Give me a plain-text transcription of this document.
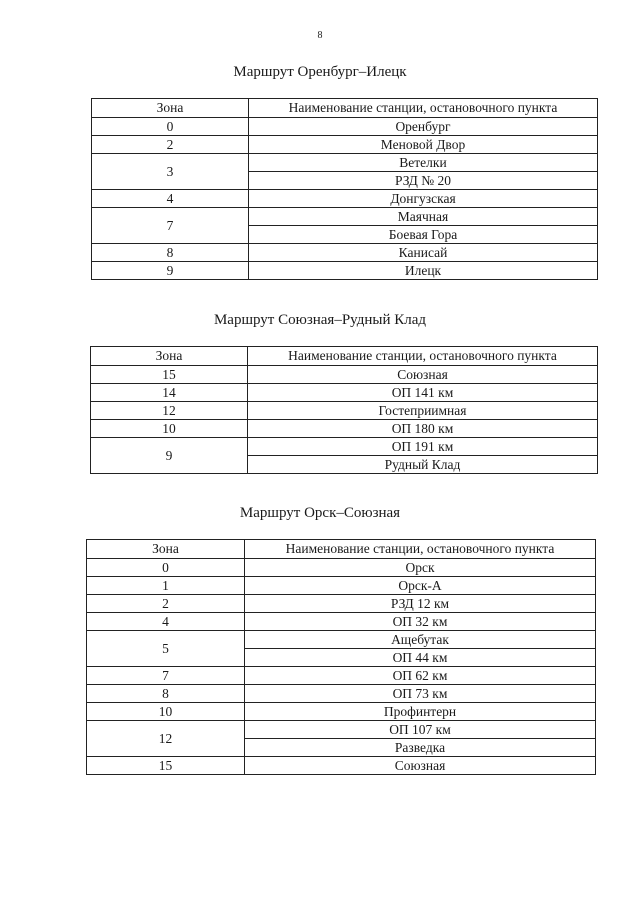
8

Маршрут Оренбург–Илецк

Зона	Наименование станции, остановочного пункта
0	Оренбург
2	Меновой Двор
3	Ветелки
	РЗД № 20
4	Донгузская
7	Маячная
	Боевая Гора
8	Канисай
9	Илецк

Маршрут Союзная–Рудный Клад

Зона	Наименование станции, остановочного пункта
15	Союзная
14	ОП 141 км
12	Гостеприимная
10	ОП 180 км
9	ОП 191 км
	Рудный Клад

Маршрут Орск–Союзная

Зона	Наименование станции, остановочного пункта
0	Орск
1	Орск-А
2	РЗД 12 км
4	ОП 32 км
5	Ащебутак
	ОП 44 км
7	ОП 62 км
8	ОП 73 км
10	Профинтерн
12	ОП 107 км
	Разведка
15	Союзная
